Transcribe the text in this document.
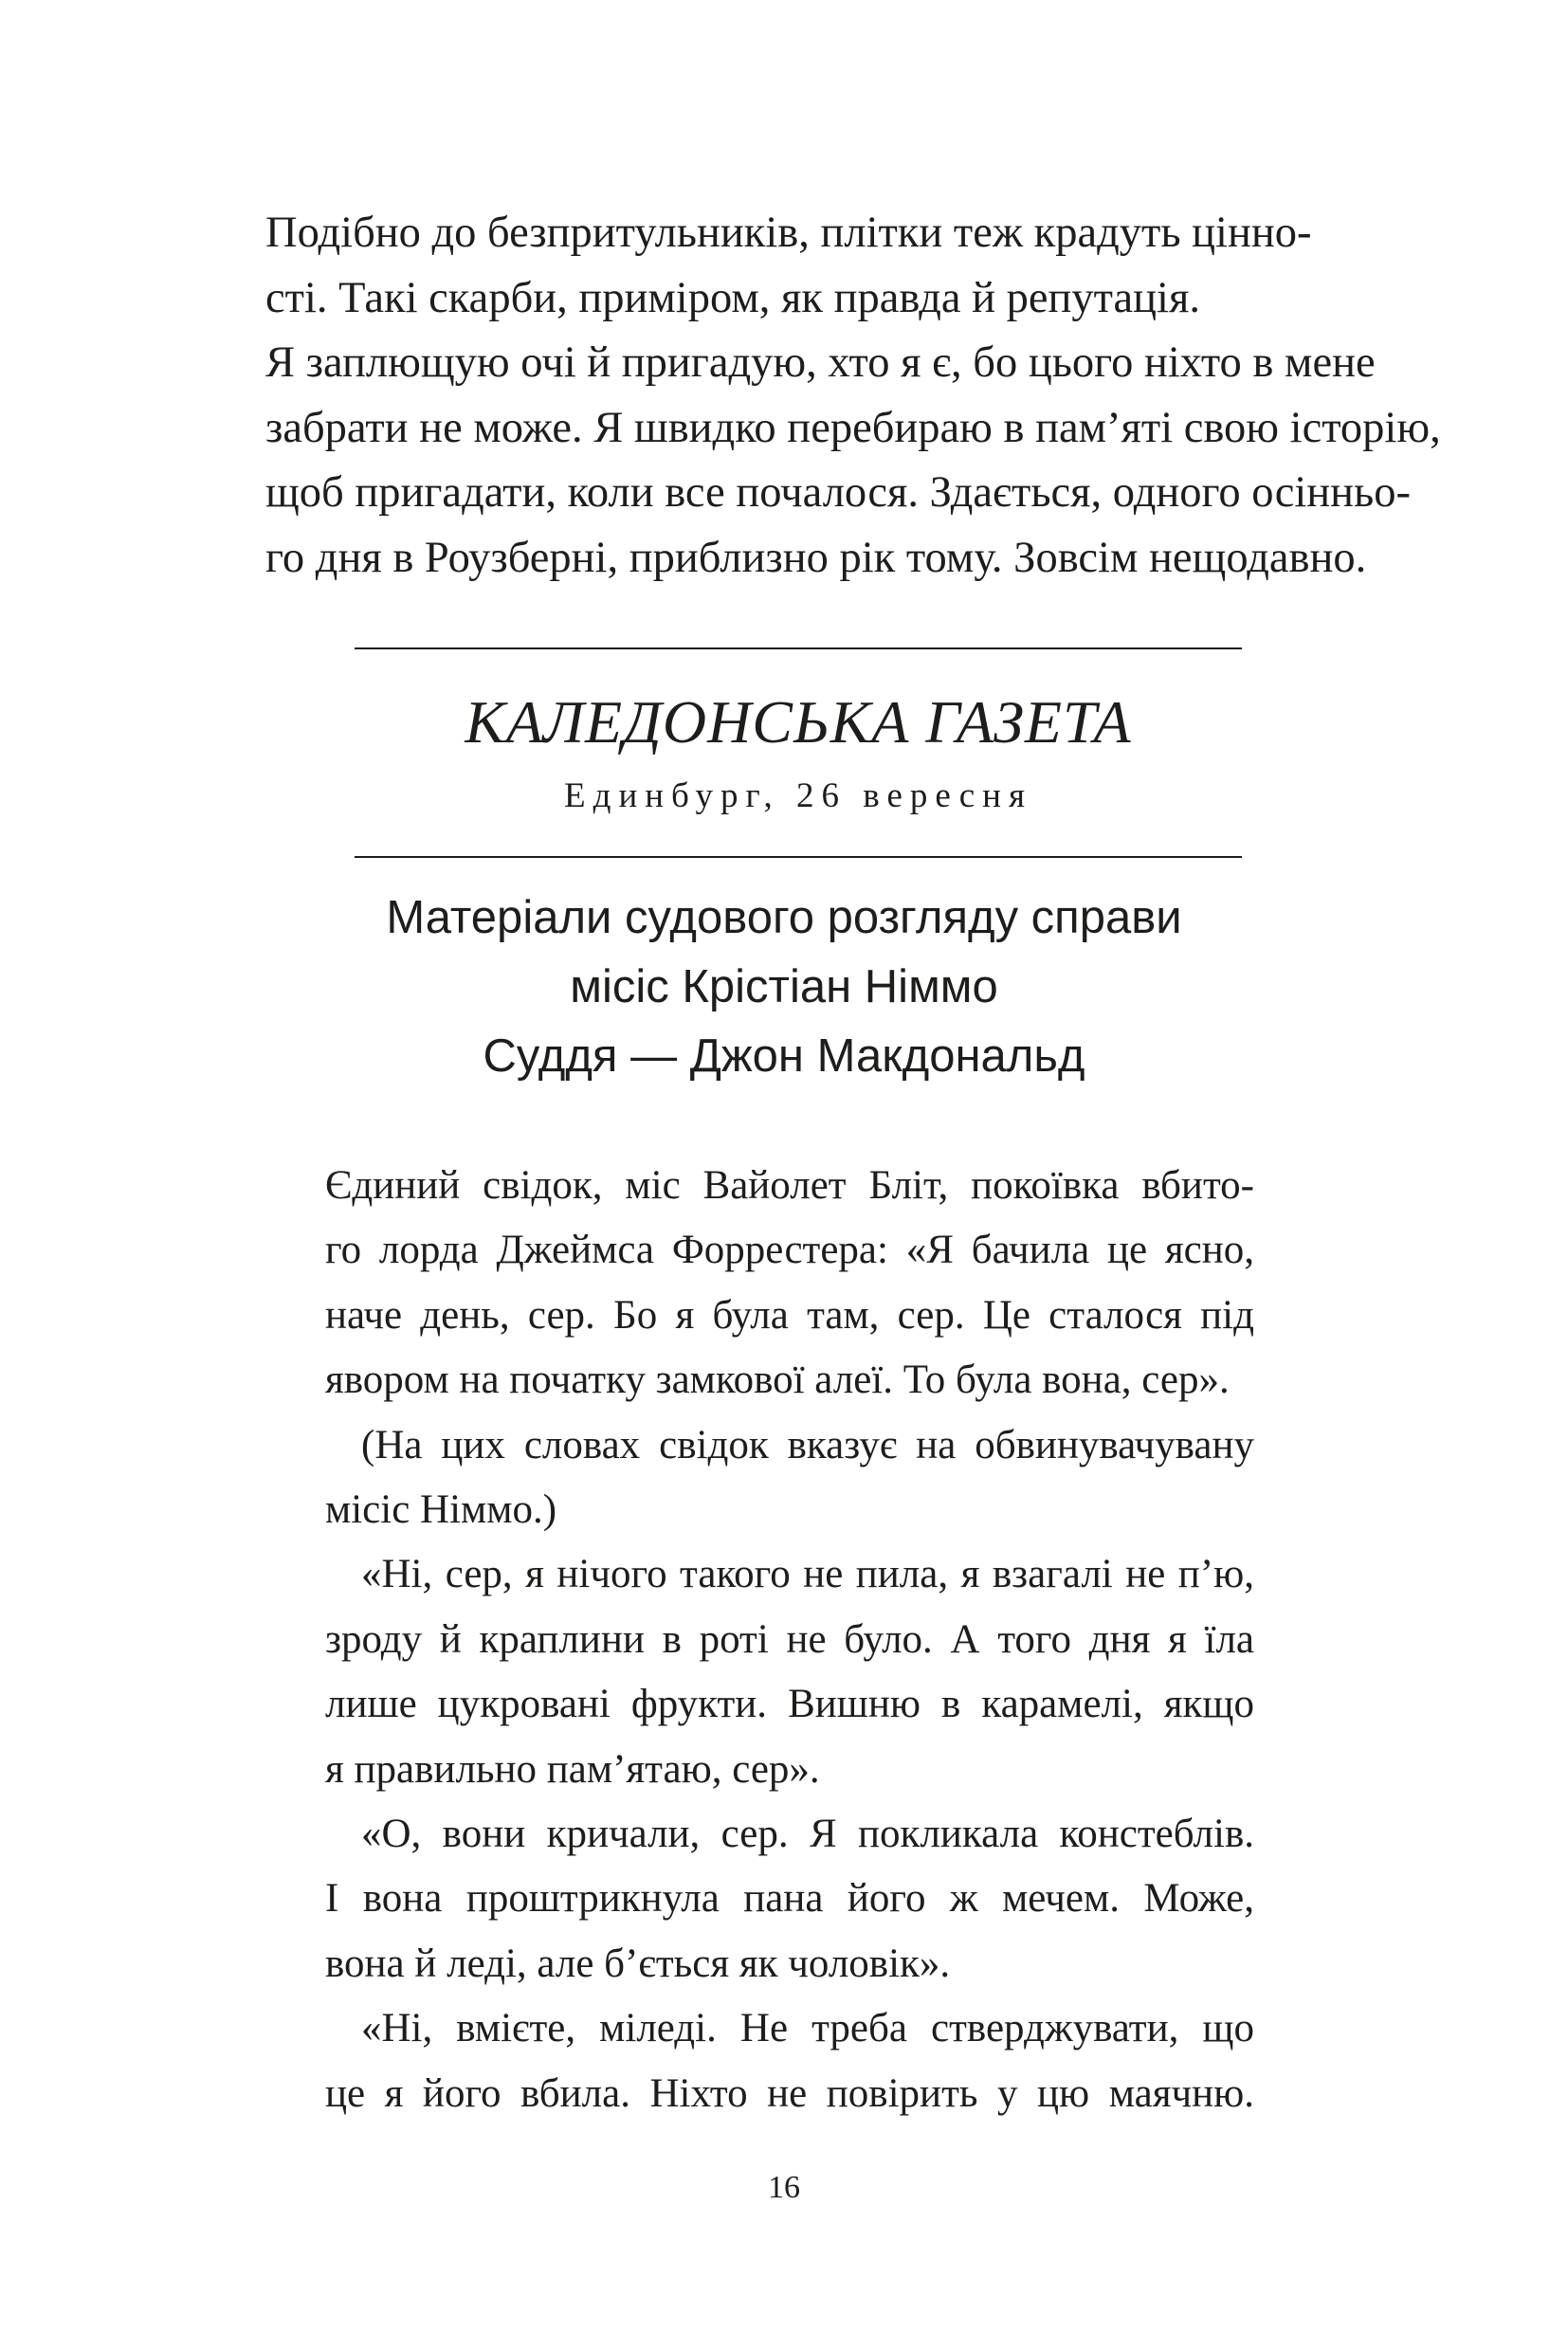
Подібно до безпритульників, плітки теж крадуть цінно-
сті. Такі скарби, приміром, як правда й репутація.
Я заплющую очі й пригадую, хто я є, бо цього ніхто в мене
забрати не може. Я швидко перебираю в пам’яті свою історію,
щоб пригадати, коли все почалося. Здається, одного осінньо-
го дня в Роузберні, приблизно рік тому. Зовсім нещодавно.
КАЛЕДОНСЬКА ГАЗЕТА
Единбург, 26 вересня
Матеріали судового розгляду справи
місіс Крістіан Німмо
Суддя — Джон Макдональд
Єдиний свідок, міс Вайолет Бліт, покоївка вбито-
го лорда Джеймса Форрестера: «Я бачила це ясно,
наче день, сер. Бо я була там, сер. Це сталося під
явором на початку замкової алеї. То була вона, сер».
(На цих словах свідок вказує на обвинувачувану
місіс Німмо.)
«Ні, сер, я нічого такого не пила, я взагалі не п’ю,
зроду й краплини в роті не було. А того дня я їла
лише цукровані фрукти. Вишню в карамелі, якщо
я правильно пам’ятаю, сер».
«О, вони кричали, сер. Я покликала констеблів.
І вона проштрикнула пана його ж мечем. Може,
вона й леді, але б’ється як чоловік».
«Ні, вмієте, міледі. Не треба стверджувати, що
це я його вбила. Ніхто не повірить у цю маячню.
16
